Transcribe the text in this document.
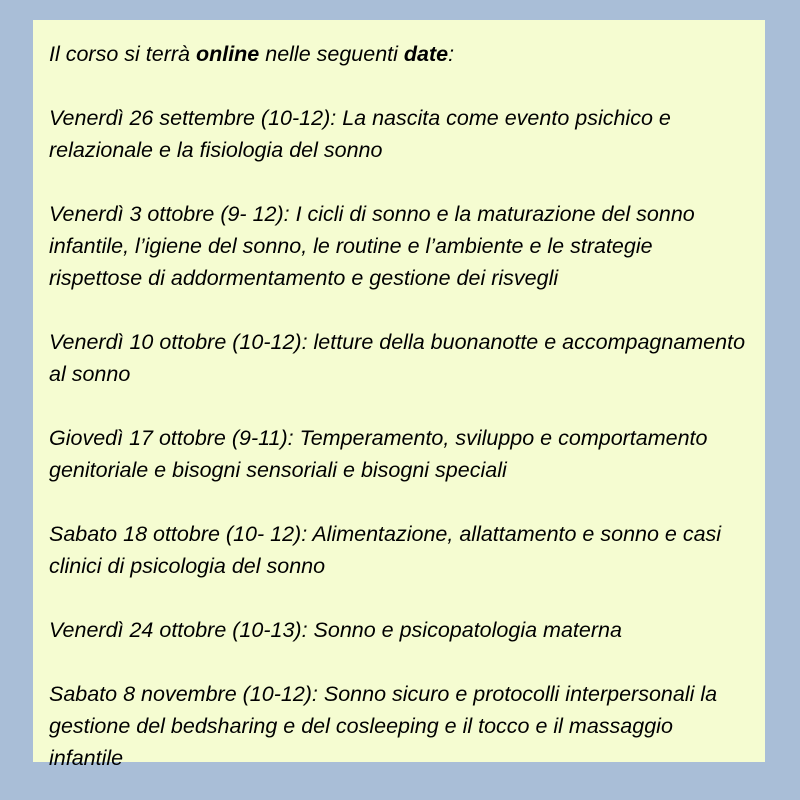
Il corso si terrà online nelle seguenti date:

Venerdì 26 settembre (10-12): La nascita come evento psichico e relazionale e la fisiologia del sonno

Venerdì 3 ottobre (9- 12): I cicli di sonno e la maturazione del sonno infantile, l’igiene del sonno, le routine e l’ambiente e le strategie rispettose di addormentamento e gestione dei risvegli

Venerdì 10 ottobre (10-12): letture della buonanotte e accompagnamento al sonno

Giovedì 17 ottobre (9-11): Temperamento, sviluppo e comportamento genitoriale e bisogni sensoriali e bisogni speciali

Sabato 18 ottobre (10- 12): Alimentazione, allattamento e sonno e casi clinici di psicologia del sonno

Venerdì 24 ottobre (10-13): Sonno e psicopatologia materna

Sabato 8 novembre (10-12): Sonno sicuro e protocolli interpersonali la gestione del bedsharing e del cosleeping e il tocco e il massaggio infantile
